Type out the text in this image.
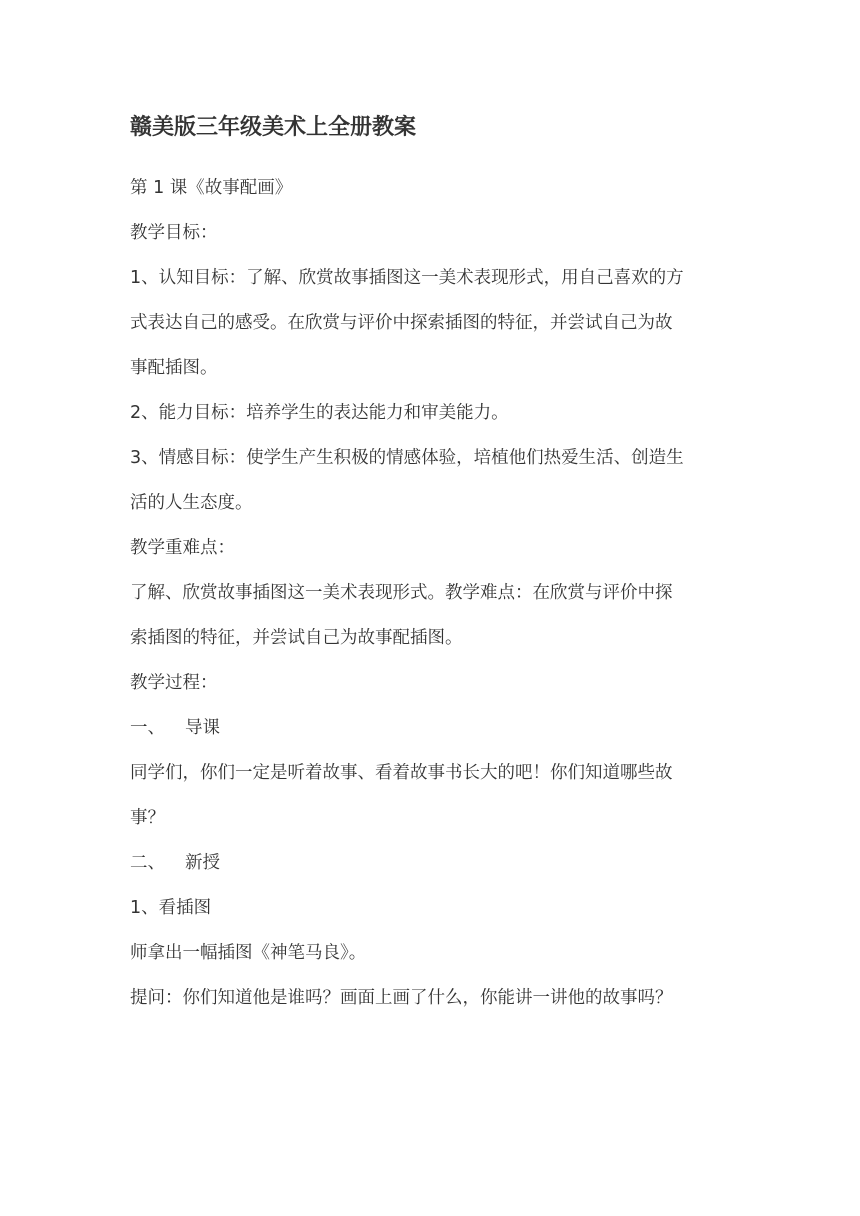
赣美版三年级美术上全册教案
第 1 课《故事配画》
教学目标：
1、认知目标：了解、欣赏故事插图这一美术表现形式，用自己喜欢的方
式表达自己的感受。在欣赏与评价中探索插图的特征，并尝试自己为故
事配插图。
2、能力目标：培养学生的表达能力和审美能力。
3、情感目标：使学生产生积极的情感体验，培植他们热爱生活、创造生
活的人生态度。
教学重难点：
了解、欣赏故事插图这一美术表现形式。教学难点：在欣赏与评价中探
索插图的特征，并尝试自己为故事配插图。
教学过程：
一、 导课
同学们，你们一定是听着故事、看着故事书长大的吧！你们知道哪些故
事？
二、 新授
1、看插图
师拿出一幅插图《神笔马良》。
提问：你们知道他是谁吗？画面上画了什么，你能讲一讲他的故事吗？
